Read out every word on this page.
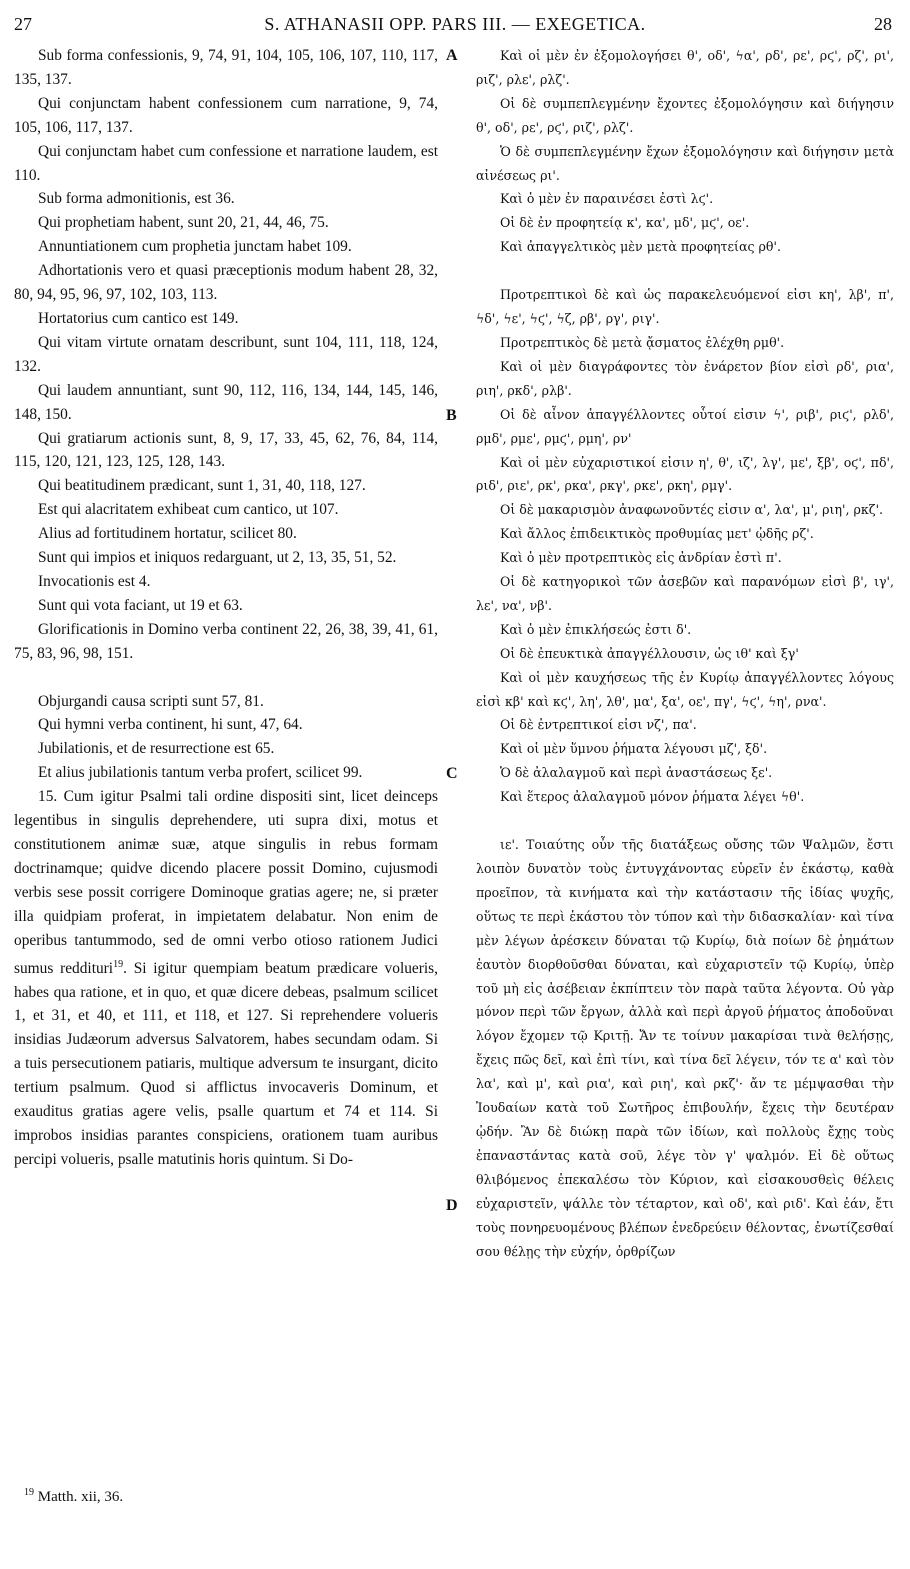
27	S. ATHANASII OPP. PARS III. — EXEGETICA.	28

Sub forma confessionis, 9, 74, 91, 104, 105, 106, 107, 110, 117, 135, 137.

Qui conjunctam habent confessionem cum narratione, 9, 74, 105, 106, 117, 137.

Qui conjunctam habet cum confessione et narratione laudem, est 110.

Sub forma admonitionis, est 36.

Qui prophetiam habent, sunt 20, 21, 44, 46, 75.

Annuntiationem cum prophetia junctam habet 109.

Adhortationis vero et quasi præceptionis modum habent 28, 32, 80, 94, 95, 96, 97, 102, 103, 113.

Hortatorius cum cantico est 149.

Qui vitam virtute ornatam describunt, sunt 104, 111, 118, 124, 132.

Qui laudem annuntiant, sunt 90, 112, 116, 134, 144, 145, 146, 148, 150.

Qui gratiarum actionis sunt, 8, 9, 17, 33, 45, 62, 76, 84, 114, 115, 120, 121, 123, 125, 128, 143.

Qui beatitudinem prædicant, sunt 1, 31, 40, 118, 127.

Est qui alacritatem exhibeat cum cantico, ut 107.

Alius ad fortitudinem hortatur, scilicet 80.

Sunt qui impios et iniquos redarguant, ut 2, 13, 35, 51, 52.

Invocationis est 4.

Sunt qui vota faciant, ut 19 et 63.

Glorificationis in Domino verba continent 22, 26, 38, 39, 41, 61, 75, 83, 96, 98, 151.

Objurgandi causa scripti sunt 57, 81.

Qui hymni verba continent, hi sunt, 47, 64.

Jubilationis, et de resurrectione est 65.

Et alius jubilationis tantum verba profert, scilicet 99.

15. Cum igitur Psalmi tali ordine dispositi sint, licet deinceps legentibus in singulis deprehendere, uti supra dixi, motus et constitutionem animæ suæ, atque singulis in rebus formam doctrinamque; quidve dicendo placere possit Domino, cujusmodi verbis sese possit corrigere Dominoque gratias agere; ne, si præter illa quidpiam proferat, in impietatem delabatur. Non enim de operibus tantummodo, sed de omni verbo otioso rationem Judici sumus reddituri$^{19}$. Si igitur quempiam beatum prædicare volueris, habes qua ratione, et in quo, et quæ dicere debeas, psalmum scilicet 1, et 31, et 40, et 111, et 118, et 127. Si reprehendere volueris insidias Judæorum adversus Salvatorem, habes secundam odam. Si a tuis persecutionem patiaris, multique adversum te insurgant, dicito tertium psalmum. Quod si afflictus invocaveris Dominum, et exauditus gratias agere velis, psalle quartum et 74 et 114. Si improbos insidias parantes conspiciens, orationem tuam auribus percipi volueris, psalle matutinis horis quintum. Si Do-

A
B
C
D

Καὶ οἱ μὲν ἐν ἐξομολογήσει θ', οδ', ϟα', ρδ', ρε', ρϛ', ρζ', ρι', ριζ', ρλε', ρλζ'.

Οἱ δὲ συμπεπλεγμένην ἔχοντες ἐξομολόγησιν καὶ διήγησιν θ', οδ', ρε', ρϛ', ριζ', ρλζ'.

Ὁ δὲ συμπεπλεγμένην ἔχων ἐξομολόγησιν καὶ διήγησιν μετὰ αἰνέσεως ρι'.

Καὶ ὁ μὲν ἐν παραινέσει ἐστὶ λϛ'.

Οἱ δὲ ἐν προφητείᾳ κ', κα', μδ', μϛ', οε'.

Καὶ ἀπαγγελτικὸς μὲν μετὰ προφητείας ρθ'.

Προτρεπτικοὶ δὲ καὶ ὡς παρακελευόμενοί εἰσι κη', λβ', π', ϟδ', ϟε', ϟϛ', ϟζ, ρβ', ργ', ριγ'.

Προτρεπτικὸς δὲ μετὰ ᾄσματος ἐλέχθη ρμθ'.

Καὶ οἱ μὲν διαγράφοντες τὸν ἐνάρετον βίον εἰσὶ ρδ', ρια', ριη', ρκδ', ρλβ'.

Οἱ δὲ αἶνον ἀπαγγέλλοντες οὗτοί εἰσιν ϟ', ριβ', ριϛ', ρλδ', ρμδ', ρμε', ρμϛ', ρμη', ρν'

Καὶ οἱ μὲν εὐχαριστικοί εἰσιν η', θ', ιζ', λγ', με', ξβ', οϛ', πδ', ριδ', ριε', ρκ', ρκα', ρκγ', ρκε', ρκη', ρμγ'.

Οἱ δὲ μακαρισμὸν ἀναφωνοῦντές εἰσιν α', λα', μ', ριη', ρκζ'.

Καὶ ἄλλος ἐπιδεικτικὸς προθυμίας μετ' ᾠδῆς ρζ'.

Καὶ ὁ μὲν προτρεπτικὸς εἰς ἀνδρίαν ἐστὶ π'.

Οἱ δὲ κατηγορικοὶ τῶν ἀσεβῶν καὶ παρανόμων εἰσὶ β', ιγ', λε', να', νβ'.

Καὶ ὁ μὲν ἐπικλήσεώς ἐστι δ'.

Οἱ δὲ ἐπευκτικὰ ἀπαγγέλλουσιν, ὡς ιθ' καὶ ξγ'

Καὶ οἱ μὲν καυχήσεως τῆς ἐν Κυρίῳ ἀπαγγέλλοντες λόγους εἰσὶ κβ' καὶ κϛ', λη', λθ', μα', ξα', οε', πγ', ϟϛ', ϟη', ρνα'.

Οἱ δὲ ἐντρεπτικοί εἰσι νζ', πα'.

Καὶ οἱ μὲν ὕμνου ῥήματα λέγουσι μζ', ξδ'.

Ὁ δὲ ἀλαλαγμοῦ καὶ περὶ ἀναστάσεως ξε'.

Καὶ ἕτερος ἀλαλαγμοῦ μόνον ῥήματα λέγει ϟθ'.

ιε'. Τοιαύτης οὖν τῆς διατάξεως οὔσης τῶν Ψαλμῶν, ἔστι λοιπὸν δυνατὸν τοὺς ἐντυγχάνοντας εὑρεῖν ἐν ἑκάστῳ, καθὰ προεῖπον, τὰ κινήματα καὶ τὴν κατάστασιν τῆς ἰδίας ψυχῆς, οὕτως τε περὶ ἑκάστου τὸν τύπον καὶ τὴν διδασκαλίαν· καὶ τίνα μὲν λέγων ἀρέσκειν δύναται τῷ Κυρίῳ, διὰ ποίων δὲ ῥημάτων ἑαυτὸν διορθοῦσθαι δύναται, καὶ εὐχαριστεῖν τῷ Κυρίῳ, ὑπὲρ τοῦ μὴ εἰς ἀσέβειαν ἐκπίπτειν τὸν παρὰ ταῦτα λέγοντα. Οὐ γὰρ μόνον περὶ τῶν ἔργων, ἀλλὰ καὶ περὶ ἀργοῦ ῥήματος ἀποδοῦναι λόγον ἔχομεν τῷ Κριτῇ. Ἄν τε τοίνυν μακαρίσαι τινὰ θελήσῃς, ἔχεις πῶς δεῖ, καὶ ἐπὶ τίνι, καὶ τίνα δεῖ λέγειν, τόν τε α' καὶ τὸν λα', καὶ μ', καὶ ρια', καὶ ριη', καὶ ρκζ'· ἄν τε μέμψασθαι τὴν Ἰουδαίων κατὰ τοῦ Σωτῆρος ἐπιβουλήν, ἔχεις τὴν δευτέραν ᾠδήν. Ἂν δὲ διώκῃ παρὰ τῶν ἰδίων, καὶ πολλοὺς ἔχῃς τοὺς ἐπαναστάντας κατὰ σοῦ, λέγε τὸν γ' ψαλμόν. Εἰ δὲ οὕτως θλιβόμενος ἐπεκαλέσω τὸν Κύριον, καὶ εἰσακουσθεὶς θέλεις εὐχαριστεῖν, ψάλλε τὸν τέταρτον, καὶ οδ', καὶ ριδ'. Καὶ ἐάν, ἔτι τοὺς πονηρευομένους βλέπων ἐνεδρεύειν θέλοντας, ἐνωτίζεσθαί σου θέλῃς τὴν εὐχήν, ὀρθρίζων

$^{19}$ Matth. xii, 36.
